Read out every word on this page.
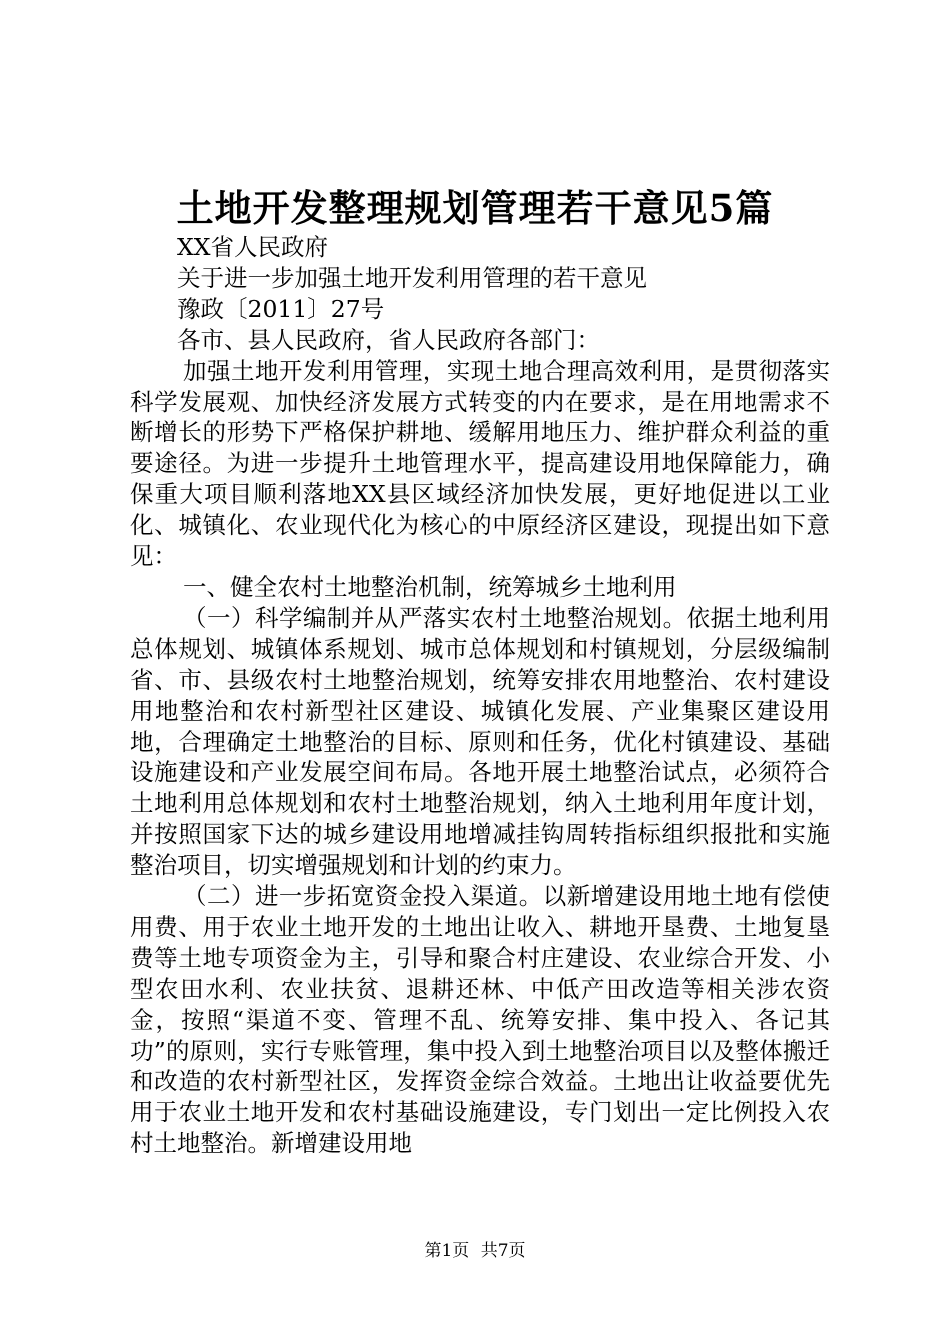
土地开发整理规划管理若干意见5篇

XX省人民政府

关于进一步加强土地开发利用管理的若干意见

豫政〔2011〕27号

各市、县人民政府，省人民政府各部门：

加强土地开发利用管理，实现土地合理高效利用，是贯彻落实科学发展观、加快经济发展方式转变的内在要求，是在用地需求不断增长的形势下严格保护耕地、缓解用地压力、维护群众利益的重要途径。为进一步提升土地管理水平，提高建设用地保障能力，确保重大项目顺利落地XX县区域经济加快发展，更好地促进以工业化、城镇化、农业现代化为核心的中原经济区建设，现提出如下意见：

一、健全农村土地整治机制，统筹城乡土地利用

（一）科学编制并从严落实农村土地整治规划。依据土地利用总体规划、城镇体系规划、城市总体规划和村镇规划，分层级编制省、市、县级农村土地整治规划，统筹安排农用地整治、农村建设用地整治和农村新型社区建设、城镇化发展、产业集聚区建设用地，合理确定土地整治的目标、原则和任务，优化村镇建设、基础设施建设和产业发展空间布局。各地开展土地整治试点，必须符合土地利用总体规划和农村土地整治规划，纳入土地利用年度计划，并按照国家下达的城乡建设用地增减挂钩周转指标组织报批和实施整治项目，切实增强规划和计划的约束力。

（二）进一步拓宽资金投入渠道。以新增建设用地土地有偿使用费、用于农业土地开发的土地出让收入、耕地开垦费、土地复垦费等土地专项资金为主，引导和聚合村庄建设、农业综合开发、小型农田水利、农业扶贫、退耕还林、中低产田改造等相关涉农资金，按照“渠道不变、管理不乱、统筹安排、集中投入、各记其功”的原则，实行专账管理，集中投入到土地整治项目以及整体搬迁和改造的农村新型社区，发挥资金综合效益。土地出让收益要优先用于农业土地开发和农村基础设施建设，专门划出一定比例投入农村土地整治。新增建设用地

第1页 共7页
